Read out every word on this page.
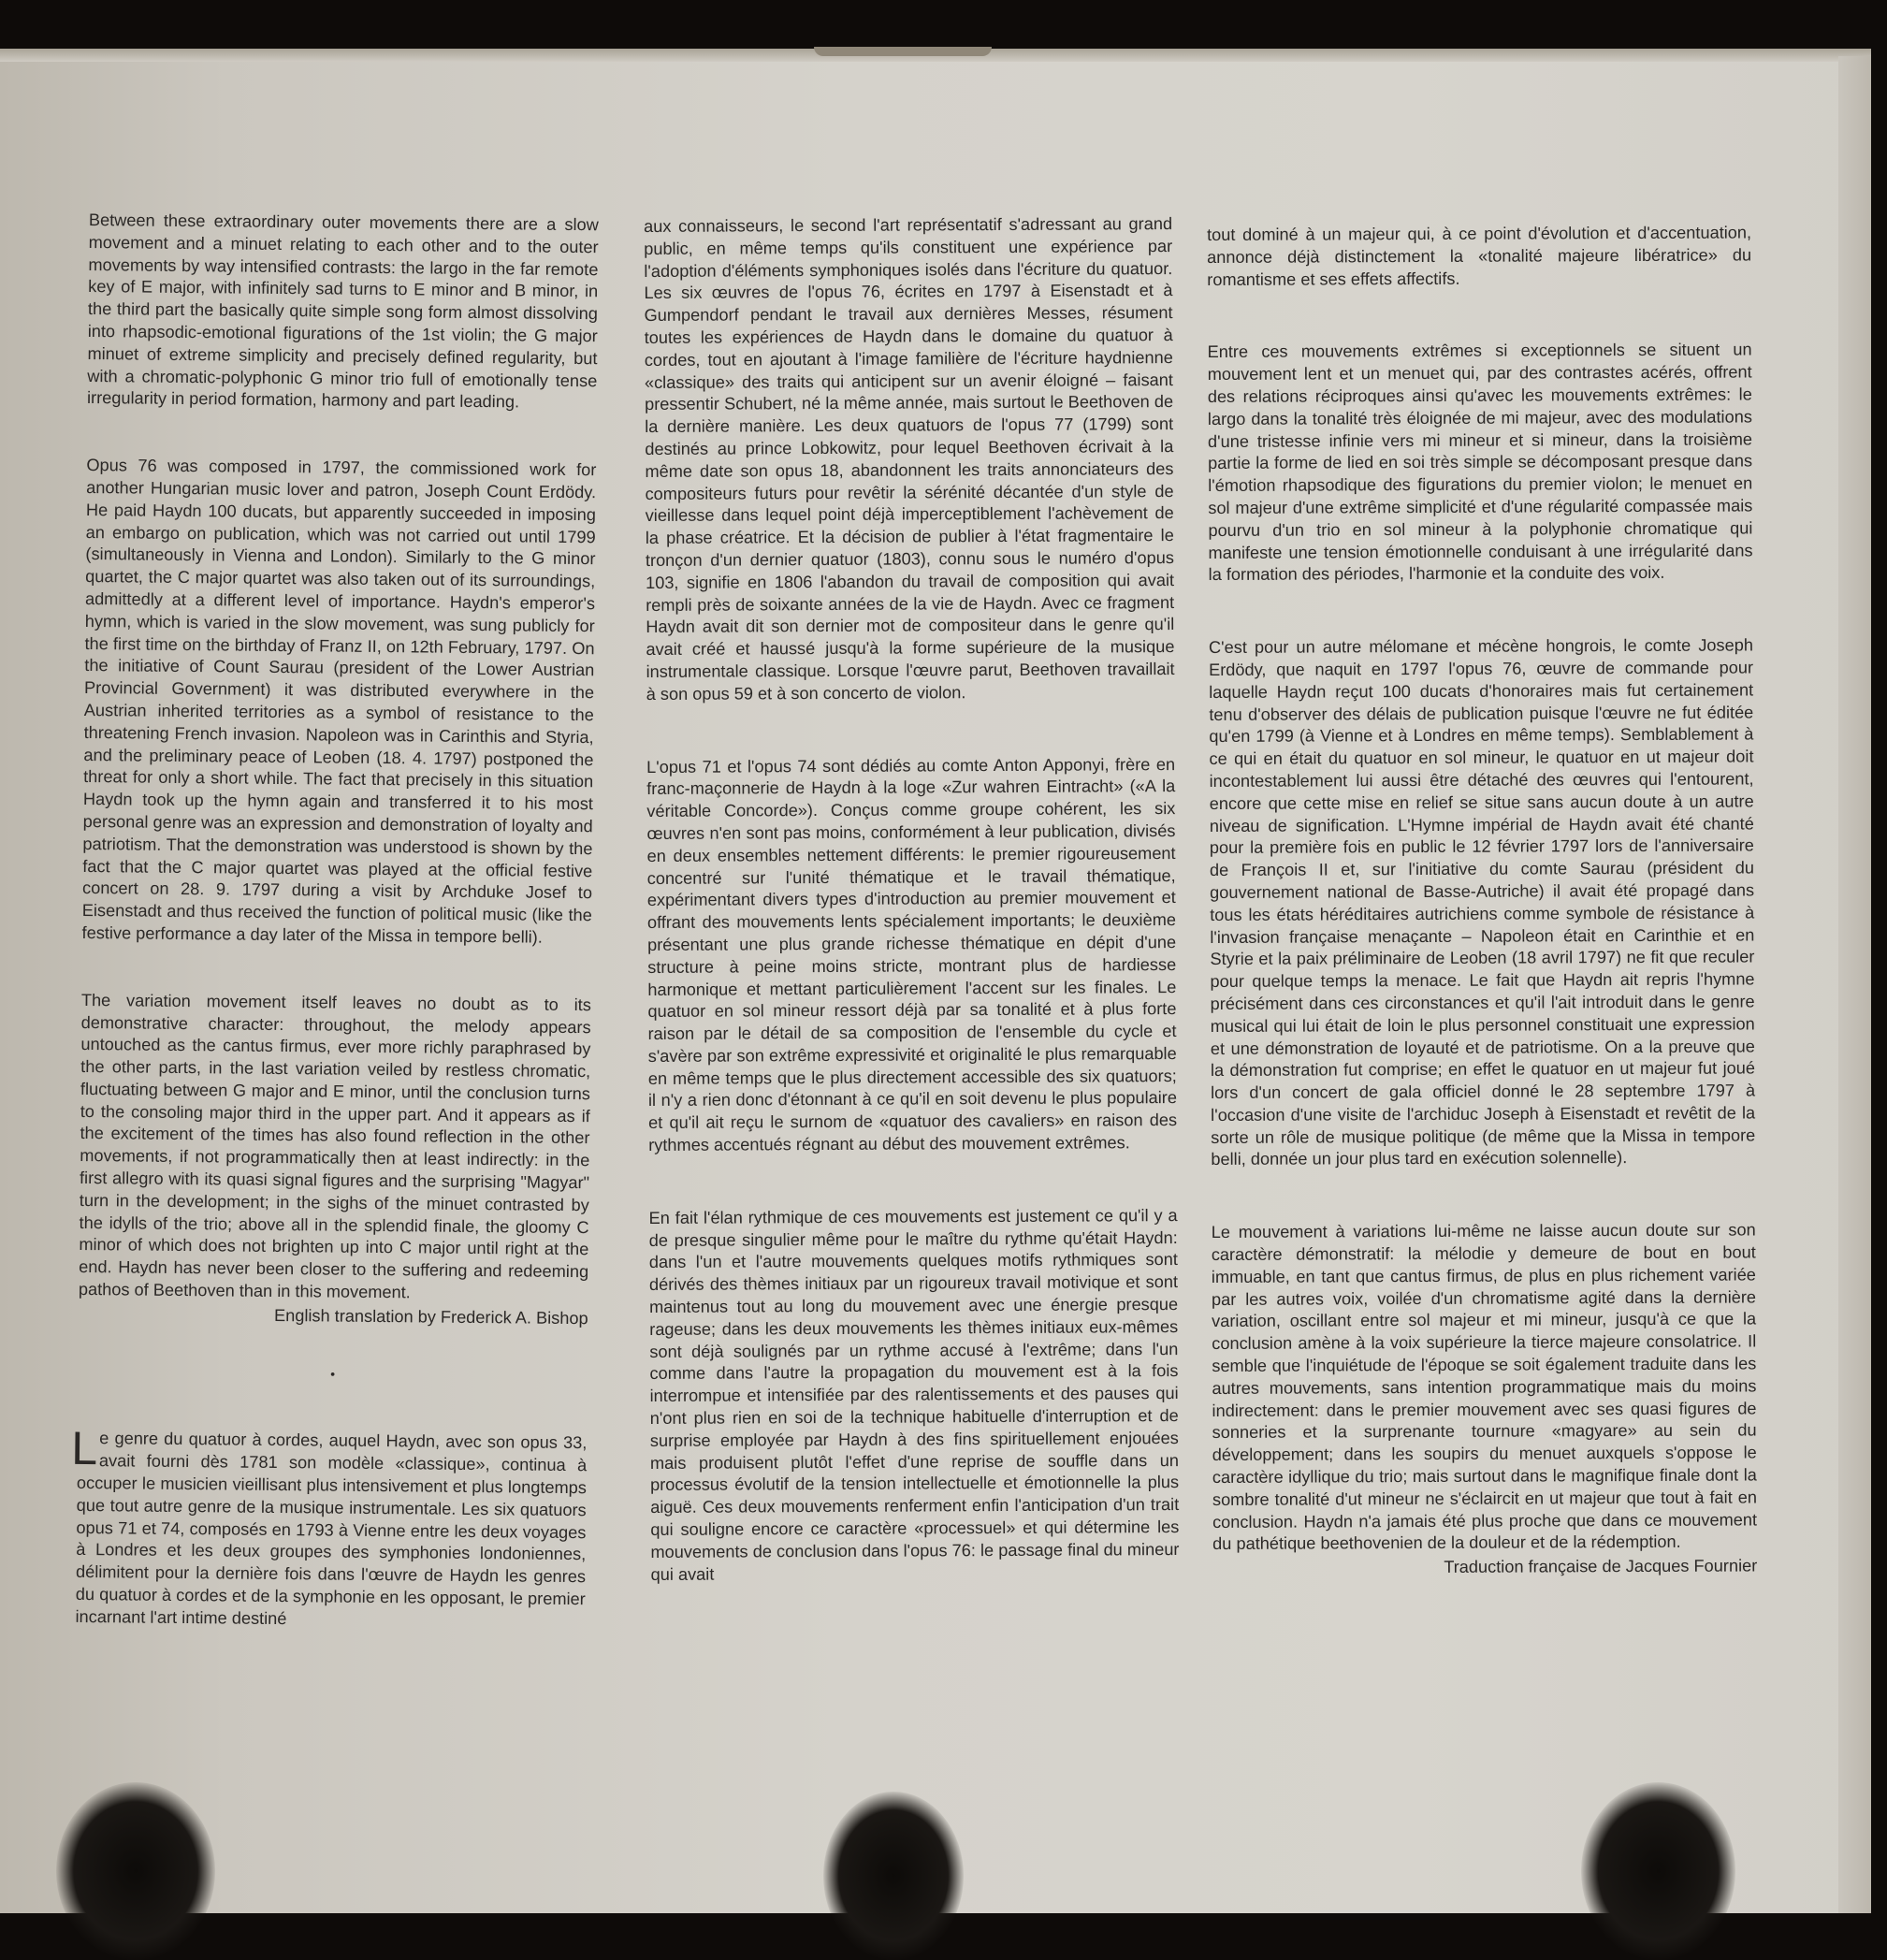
Between these extraordinary outer movements there are a slow movement and a minuet relating to each other and to the outer movements by way intensified contrasts: the largo in the far remote key of E major, with infinitely sad turns to E minor and B minor, in the third part the basically quite simple song form almost dissolving into rhapsodic-emotional figurations of the 1st violin; the G major minuet of extreme simplicity and precisely defined regularity, but with a chromatic-polyphonic G minor trio full of emotionally tense irregularity in period formation, harmony and part leading.

Opus 76 was composed in 1797, the commissioned work for another Hungarian music lover and patron, Joseph Count Erdödy. He paid Haydn 100 ducats, but apparently succeeded in imposing an embargo on publication, which was not carried out until 1799 (simultaneously in Vienna and London). Similarly to the G minor quartet, the C major quartet was also taken out of its surroundings, admittedly at a different level of importance. Haydn's emperor's hymn, which is varied in the slow movement, was sung publicly for the first time on the birthday of Franz II, on 12th February, 1797. On the initiative of Count Saurau (president of the Lower Austrian Provincial Government) it was distributed everywhere in the Austrian inherited territories as a symbol of resistance to the threatening French invasion. Napoleon was in Carinthis and Styria, and the preliminary peace of Leoben (18. 4. 1797) postponed the threat for only a short while. The fact that precisely in this situation Haydn took up the hymn again and transferred it to his most personal genre was an expression and demonstration of loyalty and patriotism. That the demonstration was understood is shown by the fact that the C major quartet was played at the official festive concert on 28. 9. 1797 during a visit by Archduke Josef to Eisenstadt and thus received the function of political music (like the festive performance a day later of the Missa in tempore belli).

The variation movement itself leaves no doubt as to its demonstrative character: throughout, the melody appears untouched as the cantus firmus, ever more richly paraphrased by the other parts, in the last variation veiled by restless chromatic, fluctuating between G major and E minor, until the conclusion turns to the consoling major third in the upper part. And it appears as if the excitement of the times has also found reflection in the other movements, if not programmatically then at least indirectly: in the first allegro with its quasi signal figures and the surprising "Magyar" turn in the development; in the sighs of the minuet contrasted by the idylls of the trio; above all in the splendid finale, the gloomy C minor of which does not brighten up into C major until right at the end. Haydn has never been closer to the suffering and redeeming pathos of Beethoven than in this movement.

English translation by Frederick A. Bishop

•

Le genre du quatuor à cordes, auquel Haydn, avec son opus 33, avait fourni dès 1781 son modèle «classique», continua à occuper le musicien vieillisant plus intensivement et plus longtemps que tout autre genre de la musique instrumentale. Les six quatuors opus 71 et 74, composés en 1793 à Vienne entre les deux voyages à Londres et les deux groupes des symphonies londoniennes, délimitent pour la dernière fois dans l'œuvre de Haydn les genres du quatuor à cordes et de la symphonie en les opposant, le premier incarnant l'art intime destiné

aux connaisseurs, le second l'art représentatif s'adressant au grand public, en même temps qu'ils constituent une expérience par l'adoption d'éléments symphoniques isolés dans l'écriture du quatuor. Les six œuvres de l'opus 76, écrites en 1797 à Eisenstadt et à Gumpendorf pendant le travail aux dernières Messes, résument toutes les expériences de Haydn dans le domaine du quatuor à cordes, tout en ajoutant à l'image familière de l'écriture haydnienne «classique» des traits qui anticipent sur un avenir éloigné – faisant pressentir Schubert, né la même année, mais surtout le Beethoven de la dernière manière. Les deux quatuors de l'opus 77 (1799) sont destinés au prince Lobkowitz, pour lequel Beethoven écrivait à la même date son opus 18, abandonnent les traits annonciateurs des compositeurs futurs pour revêtir la sérénité décantée d'un style de vieillesse dans lequel point déjà imperceptiblement l'achèvement de la phase créatrice. Et la décision de publier à l'état fragmentaire le tronçon d'un dernier quatuor (1803), connu sous le numéro d'opus 103, signifie en 1806 l'abandon du travail de composition qui avait rempli près de soixante années de la vie de Haydn. Avec ce fragment Haydn avait dit son dernier mot de compositeur dans le genre qu'il avait créé et haussé jusqu'à la forme supérieure de la musique instrumentale classique. Lorsque l'œuvre parut, Beethoven travaillait à son opus 59 et à son concerto de violon.

L'opus 71 et l'opus 74 sont dédiés au comte Anton Apponyi, frère en franc-maçonnerie de Haydn à la loge «Zur wahren Eintracht» («A la véritable Concorde»). Conçus comme groupe cohérent, les six œuvres n'en sont pas moins, conformément à leur publication, divisés en deux ensembles nettement différents: le premier rigoureusement concentré sur l'unité thématique et le travail thématique, expérimentant divers types d'introduction au premier mouvement et offrant des mouvements lents spécialement importants; le deuxième présentant une plus grande richesse thématique en dépit d'une structure à peine moins stricte, montrant plus de hardiesse harmonique et mettant particulièrement l'accent sur les finales. Le quatuor en sol mineur ressort déjà par sa tonalité et à plus forte raison par le détail de sa composition de l'ensemble du cycle et s'avère par son extrême expressivité et originalité le plus remarquable en même temps que le plus directement accessible des six quatuors; il n'y a rien donc d'étonnant à ce qu'il en soit devenu le plus populaire et qu'il ait reçu le surnom de «quatuor des cavaliers» en raison des rythmes accentués régnant au début des mouvement extrêmes.

En fait l'élan rythmique de ces mouvements est justement ce qu'il y a de presque singulier même pour le maître du rythme qu'était Haydn: dans l'un et l'autre mouvements quelques motifs rythmiques sont dérivés des thèmes initiaux par un rigoureux travail motivique et sont maintenus tout au long du mouvement avec une énergie presque rageuse; dans les deux mouvements les thèmes initiaux eux-mêmes sont déjà soulignés par un rythme accusé à l'extrême; dans l'un comme dans l'autre la propagation du mouvement est à la fois interrompue et intensifiée par des ralentissements et des pauses qui n'ont plus rien en soi de la technique habituelle d'interruption et de surprise employée par Haydn à des fins spirituellement enjouées mais produisent plutôt l'effet d'une reprise de souffle dans un processus évolutif de la tension intellectuelle et émotionnelle la plus aiguë. Ces deux mouvements renferment enfin l'anticipation d'un trait qui souligne encore ce caractère «processuel» et qui détermine les mouvements de conclusion dans l'opus 76: le passage final du mineur qui avait

tout dominé à un majeur qui, à ce point d'évolution et d'accentuation, annonce déjà distinctement la «tonalité majeure libératrice» du romantisme et ses effets affectifs.

Entre ces mouvements extrêmes si exceptionnels se situent un mouvement lent et un menuet qui, par des contrastes acérés, offrent des relations réciproques ainsi qu'avec les mouvements extrêmes: le largo dans la tonalité très éloignée de mi majeur, avec des modulations d'une tristesse infinie vers mi mineur et si mineur, dans la troisième partie la forme de lied en soi très simple se décomposant presque dans l'émotion rhapsodique des figurations du premier violon; le menuet en sol majeur d'une extrême simplicité et d'une régularité compassée mais pourvu d'un trio en sol mineur à la polyphonie chromatique qui manifeste une tension émotionnelle conduisant à une irrégularité dans la formation des périodes, l'harmonie et la conduite des voix.

C'est pour un autre mélomane et mécène hongrois, le comte Joseph Erdödy, que naquit en 1797 l'opus 76, œuvre de commande pour laquelle Haydn reçut 100 ducats d'honoraires mais fut certainement tenu d'observer des délais de publication puisque l'œuvre ne fut éditée qu'en 1799 (à Vienne et à Londres en même temps). Semblablement à ce qui en était du quatuor en sol mineur, le quatuor en ut majeur doit incontestablement lui aussi être détaché des œuvres qui l'entourent, encore que cette mise en relief se situe sans aucun doute à un autre niveau de signification. L'Hymne impérial de Haydn avait été chanté pour la première fois en public le 12 février 1797 lors de l'anniversaire de François II et, sur l'initiative du comte Saurau (président du gouvernement national de Basse-Autriche) il avait été propagé dans tous les états héréditaires autrichiens comme symbole de résistance à l'invasion française menaçante – Napoleon était en Carinthie et en Styrie et la paix préliminaire de Leoben (18 avril 1797) ne fit que reculer pour quelque temps la menace. Le fait que Haydn ait repris l'hymne précisément dans ces circonstances et qu'il l'ait introduit dans le genre musical qui lui était de loin le plus personnel constituait une expression et une démonstration de loyauté et de patriotisme. On a la preuve que la démonstration fut comprise; en effet le quatuor en ut majeur fut joué lors d'un concert de gala officiel donné le 28 septembre 1797 à l'occasion d'une visite de l'archiduc Joseph à Eisenstadt et revêtit de la sorte un rôle de musique politique (de même que la Missa in tempore belli, donnée un jour plus tard en exécution solennelle).

Le mouvement à variations lui-même ne laisse aucun doute sur son caractère démonstratif: la mélodie y demeure de bout en bout immuable, en tant que cantus firmus, de plus en plus richement variée par les autres voix, voilée d'un chromatisme agité dans la dernière variation, oscillant entre sol majeur et mi mineur, jusqu'à ce que la conclusion amène à la voix supérieure la tierce majeure consolatrice. Il semble que l'inquiétude de l'époque se soit également traduite dans les autres mouvements, sans intention programmatique mais du moins indirectement: dans le premier mouvement avec ses quasi figures de sonneries et la surprenante tournure «magyare» au sein du développement; dans les soupirs du menuet auxquels s'oppose le caractère idyllique du trio; mais surtout dans le magnifique finale dont la sombre tonalité d'ut mineur ne s'éclaircit en ut majeur que tout à fait en conclusion. Haydn n'a jamais été plus proche que dans ce mouvement du pathétique beethovenien de la douleur et de la rédemption.

Traduction française de Jacques Fournier
